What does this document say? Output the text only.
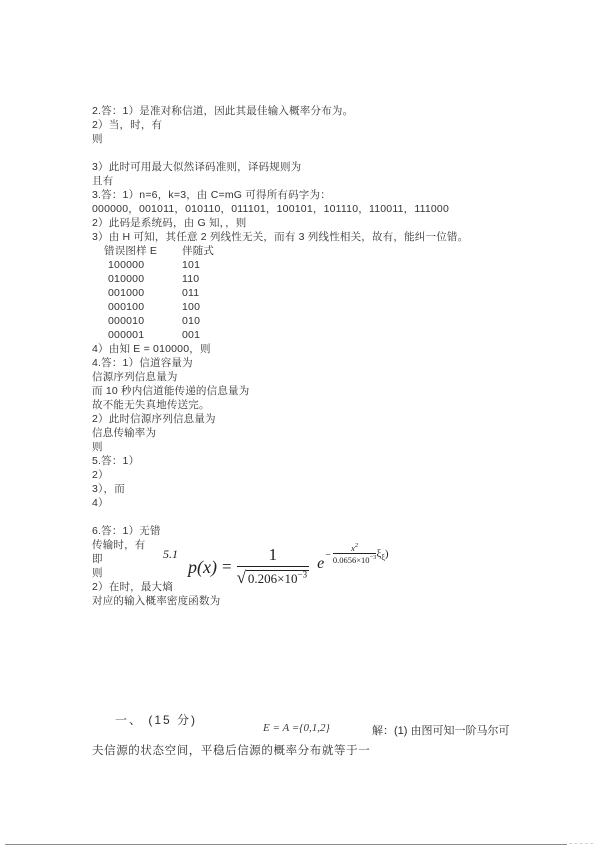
2.答：1）是准对称信道，因此其最佳输入概率分布为。
2）当，时，有
则
3）此时可用最大似然译码准则，译码规则为
且有
3.答：1）n=6，k=3，由 C=mG 可得所有码字为：
000000，001011，010110，011101，100101，101110，110011，111000
2）此码是系统码，由 G 知，，则
3）由 H 可知，其任意 2 列线性无关，而有 3 列线性相关，故有，能纠一位错。
错误图样 E 伴随式
100000	101
010000	110
001000	011
000100	100
000010	010
000001	001
4）由知 E = 010000，则
4.答：1）信道容量为
信源序列信息量为
而 10 秒内信道能传递的信息量为
故不能无失真地传送完。
2）此时信源序列信息量为
信息传输率为
则
5.答：1）
2）
3），而
4）
6.答：1）无错
传输时，有
即
则
2）在时，最大熵
对应的输入概率密度函数为
5.1
$p(x) = \frac{1}{√ 0.206\times 10^{-3}}$ $e - \frac{x^2}{0.0656\times 10^{-3}} \xi_\xi$)
一、 (15 分)
E = A ={0,1,2}	解：(1) 由图可知一阶马尔可
夫信源的状态空间，平稳后信源的概率分布就等于一
